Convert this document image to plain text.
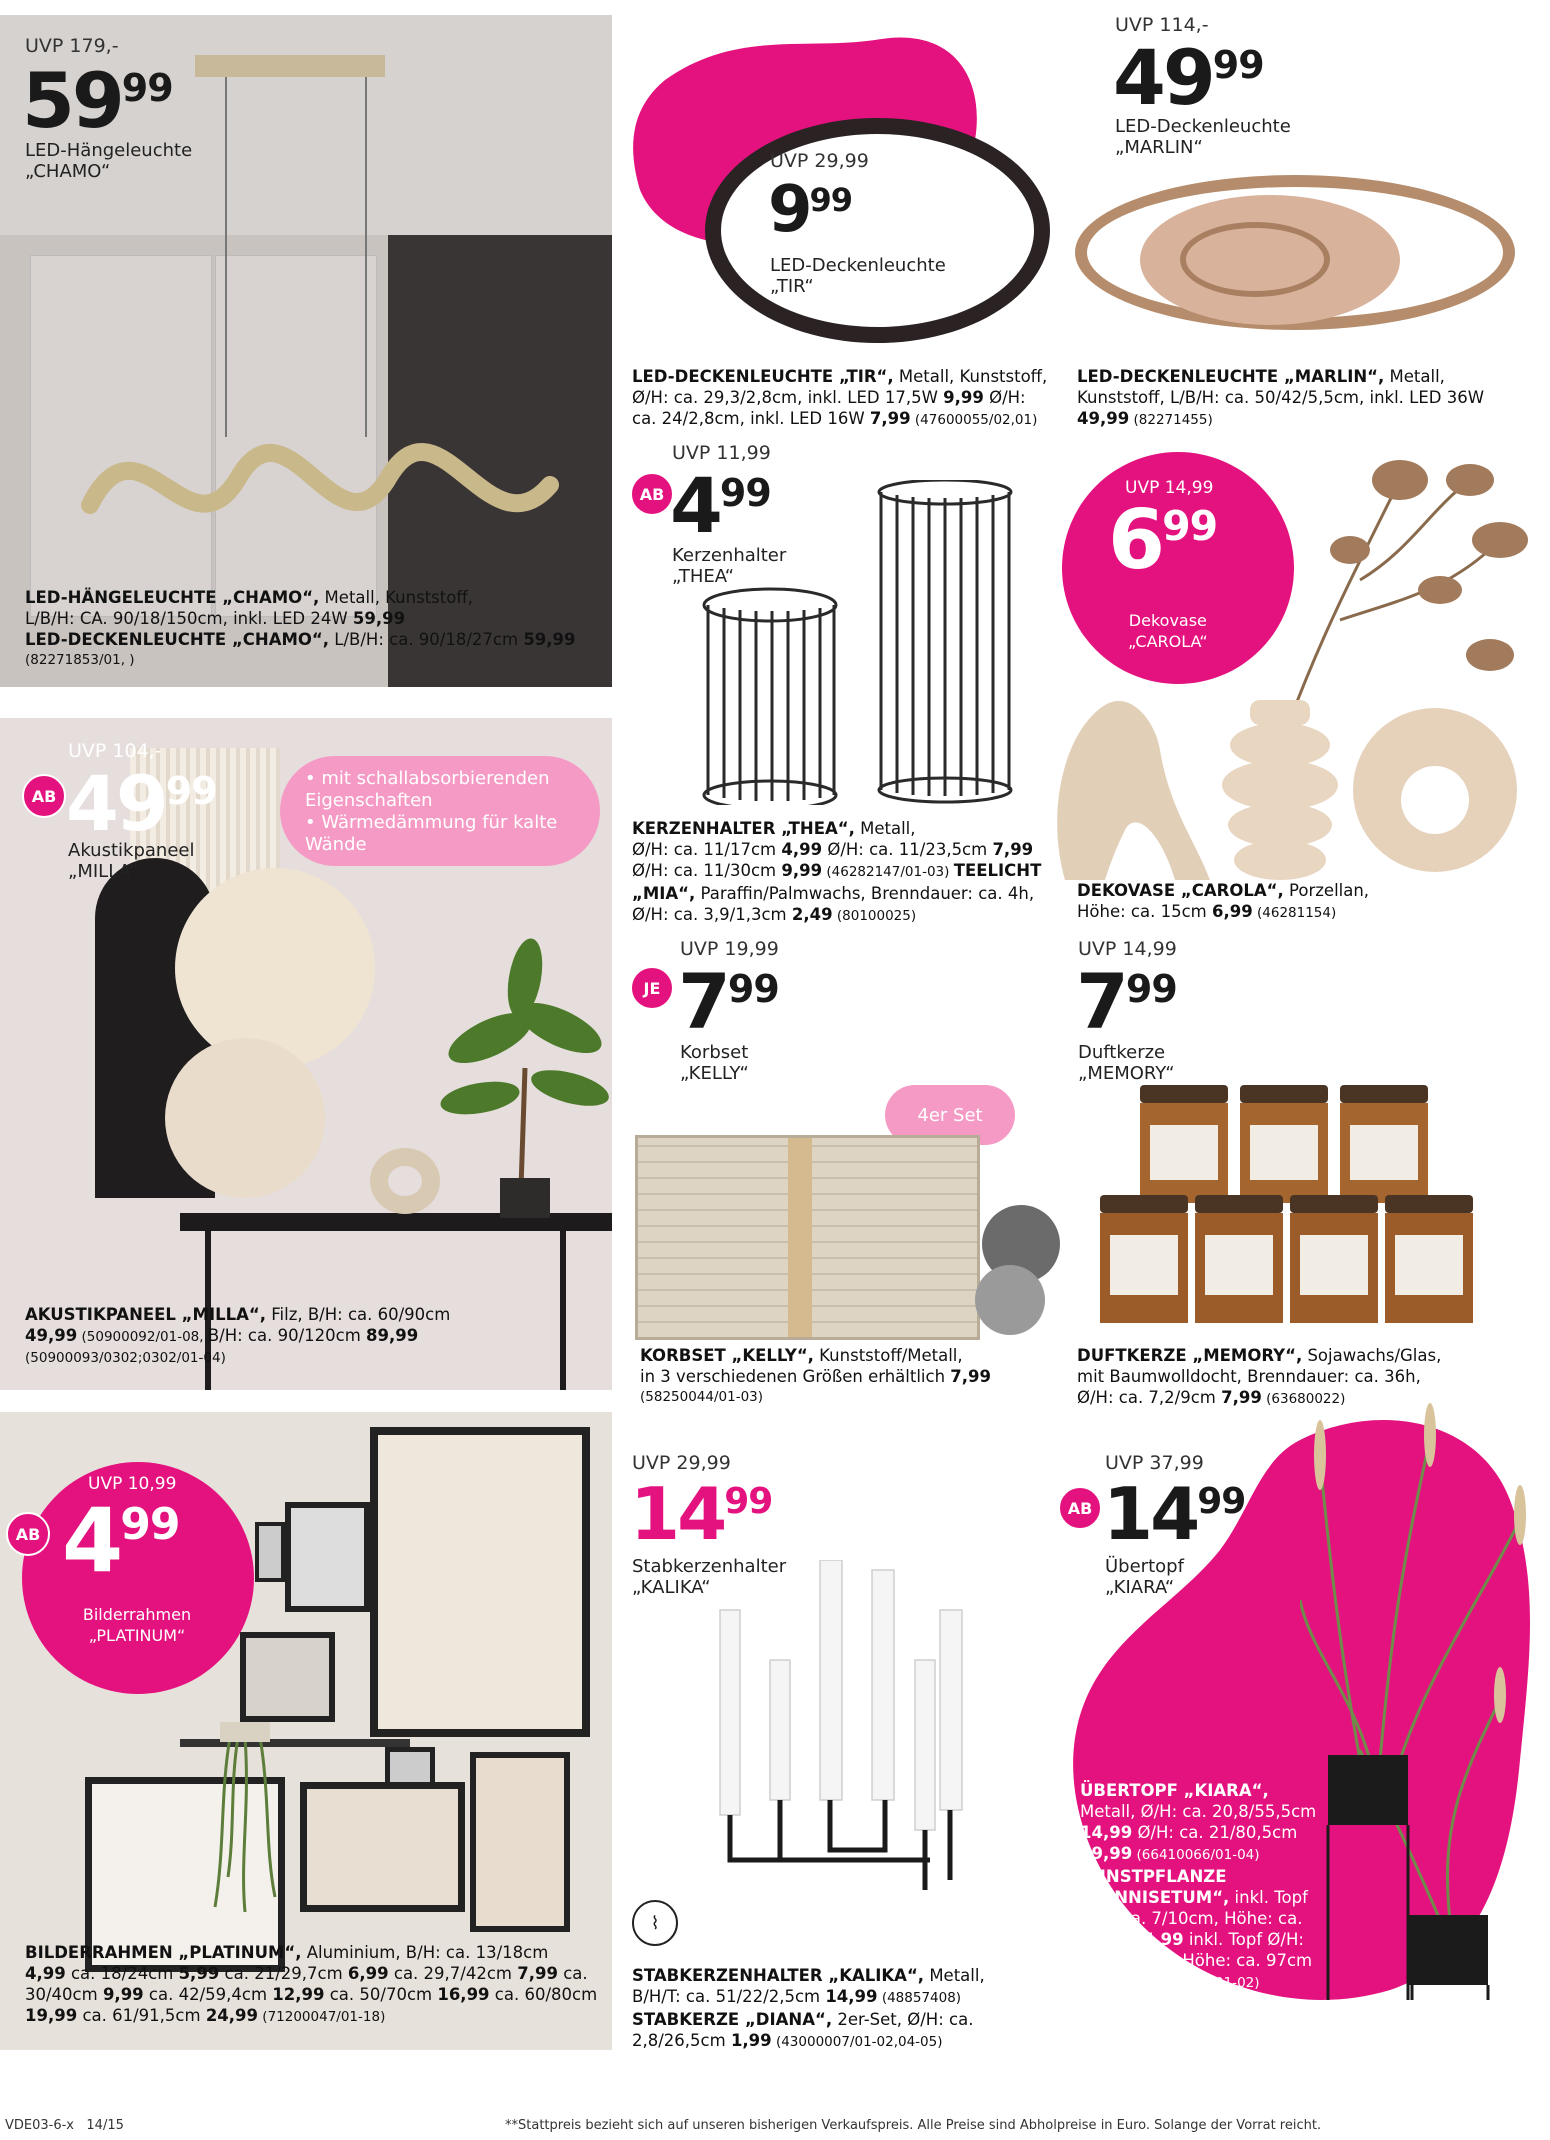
UVP 179,-
$59^{99}$
LED-Hängeleuchte
„CHAMO“
LED-HÄNGELEUCHTE „CHAMO“, Metall, Kunststoff,
L/B/H: CA. 90/18/150cm, inkl. LED 24W 59,99
LED-DECKENLEUCHTE „CHAMO“, L/B/H: ca. 90/18/27cm 59,99
(82271853/01, )
UVP 29,99
$9^{99}$
LED-Deckenleuchte
„TIR“
LED-DECKENLEUCHTE „TIR“, Metall, Kunststoff,
Ø/H: ca. 29,3/2,8cm, inkl. LED 17,5W 9,99 Ø/H:
ca. 24/2,8cm, inkl. LED 16W 7,99 (47600055/02,01)
UVP 114,-
$49^{99}$
LED-Deckenleuchte
„MARLIN“
LED-DECKENLEUCHTE „MARLIN“, Metall,
Kunststoff, L/B/H: ca. 50/42/5,5cm, inkl. LED 36W
49,99 (82271455)
AB
UVP 11,99
$4^{99}$
Kerzenhalter
„THEA“
KERZENHALTER „THEA“, Metall,
Ø/H: ca. 11/17cm 4,99 Ø/H: ca. 11/23,5cm 7,99
Ø/H: ca. 11/30cm 9,99 (46282147/01-03) TEELICHT
„MIA“, Paraffin/Palmwachs, Brenndauer: ca. 4h,
Ø/H: ca. 3,9/1,3cm 2,49 (80100025)
UVP 14,99
$6^{99}$
Dekovase
„CAROLA“
DEKOVASE „CAROLA“, Porzellan,
Höhe: ca. 15cm 6,99 (46281154)
• mit schallabsorbierenden Eigenschaften
• Wärmedämmung für kalte Wände
AB
UVP 104,-
$49^{99}$
Akustikpaneel
„MILLA“
AKUSTIKPANEEL „MILLA“, Filz, B/H: ca. 60/90cm
49,99 (50900092/01-08, B/H: ca. 90/120cm 89,99
(50900093/0302;0302/01-04)
JE
UVP 19,99
$7^{99}$
Korbset
„KELLY“
4er Set
KORBSET „KELLY“, Kunststoff/Metall,
in 3 verschiedenen Größen erhältlich 7,99
(58250044/01-03)
UVP 14,99
$7^{99}$
Duftkerze
„MEMORY“
DUFTKERZE „MEMORY“, Sojawachs/Glas,
mit Baumwolldocht, Brenndauer: ca. 36h,
Ø/H: ca. 7,2/9cm 7,99 (63680022)
AB
UVP 10,99
$4^{99}$
Bilderrahmen
„PLATINUM“
BILDERRAHMEN „PLATINUM“, Aluminium, B/H: ca. 13/18cm
4,99 ca. 18/24cm 5,99 ca. 21/29,7cm 6,99 ca. 29,7/42cm 7,99 ca.
30/40cm 9,99 ca. 42/59,4cm 12,99 ca. 50/70cm 16,99 ca. 60/80cm
19,99 ca. 61/91,5cm 24,99 (71200047/01-18)
UVP 29,99
$14^{99}$
Stabkerzenhalter
„KALIKA“
⌇
STABKERZENHALTER „KALIKA“, Metall,
B/H/T: ca. 51/22/2,5cm 14,99 (48857408)
STABKERZE „DIANA“, 2er-Set, Ø/H: ca.
2,8/26,5cm 1,99 (43000007/01-02,04-05)
AB
UVP 37,99
$14^{99}$
Übertopf
„KIARA“
ÜBERTOPF „KIARA“,
Metall, Ø/H: ca. 20,8/55,5cm
14,99 Ø/H: ca. 21/80,5cm
19,99 (66410066/01-04)
KUNSTPFLANZE
„PENNISETUM“, inkl. Topf
Ø/H: ca. 7/10cm, Höhe: ca.
71cm 14,99 inkl. Topf Ø/H:
ca. 9/11cm, Höhe: ca. 97cm
19,99 (42972586/01-02)
VDE03-6-x   14/15	**Stattpreis bezieht sich auf unseren bisherigen Verkaufspreis. Alle Preise sind Abholpreise in Euro. Solange der Vorrat reicht.
